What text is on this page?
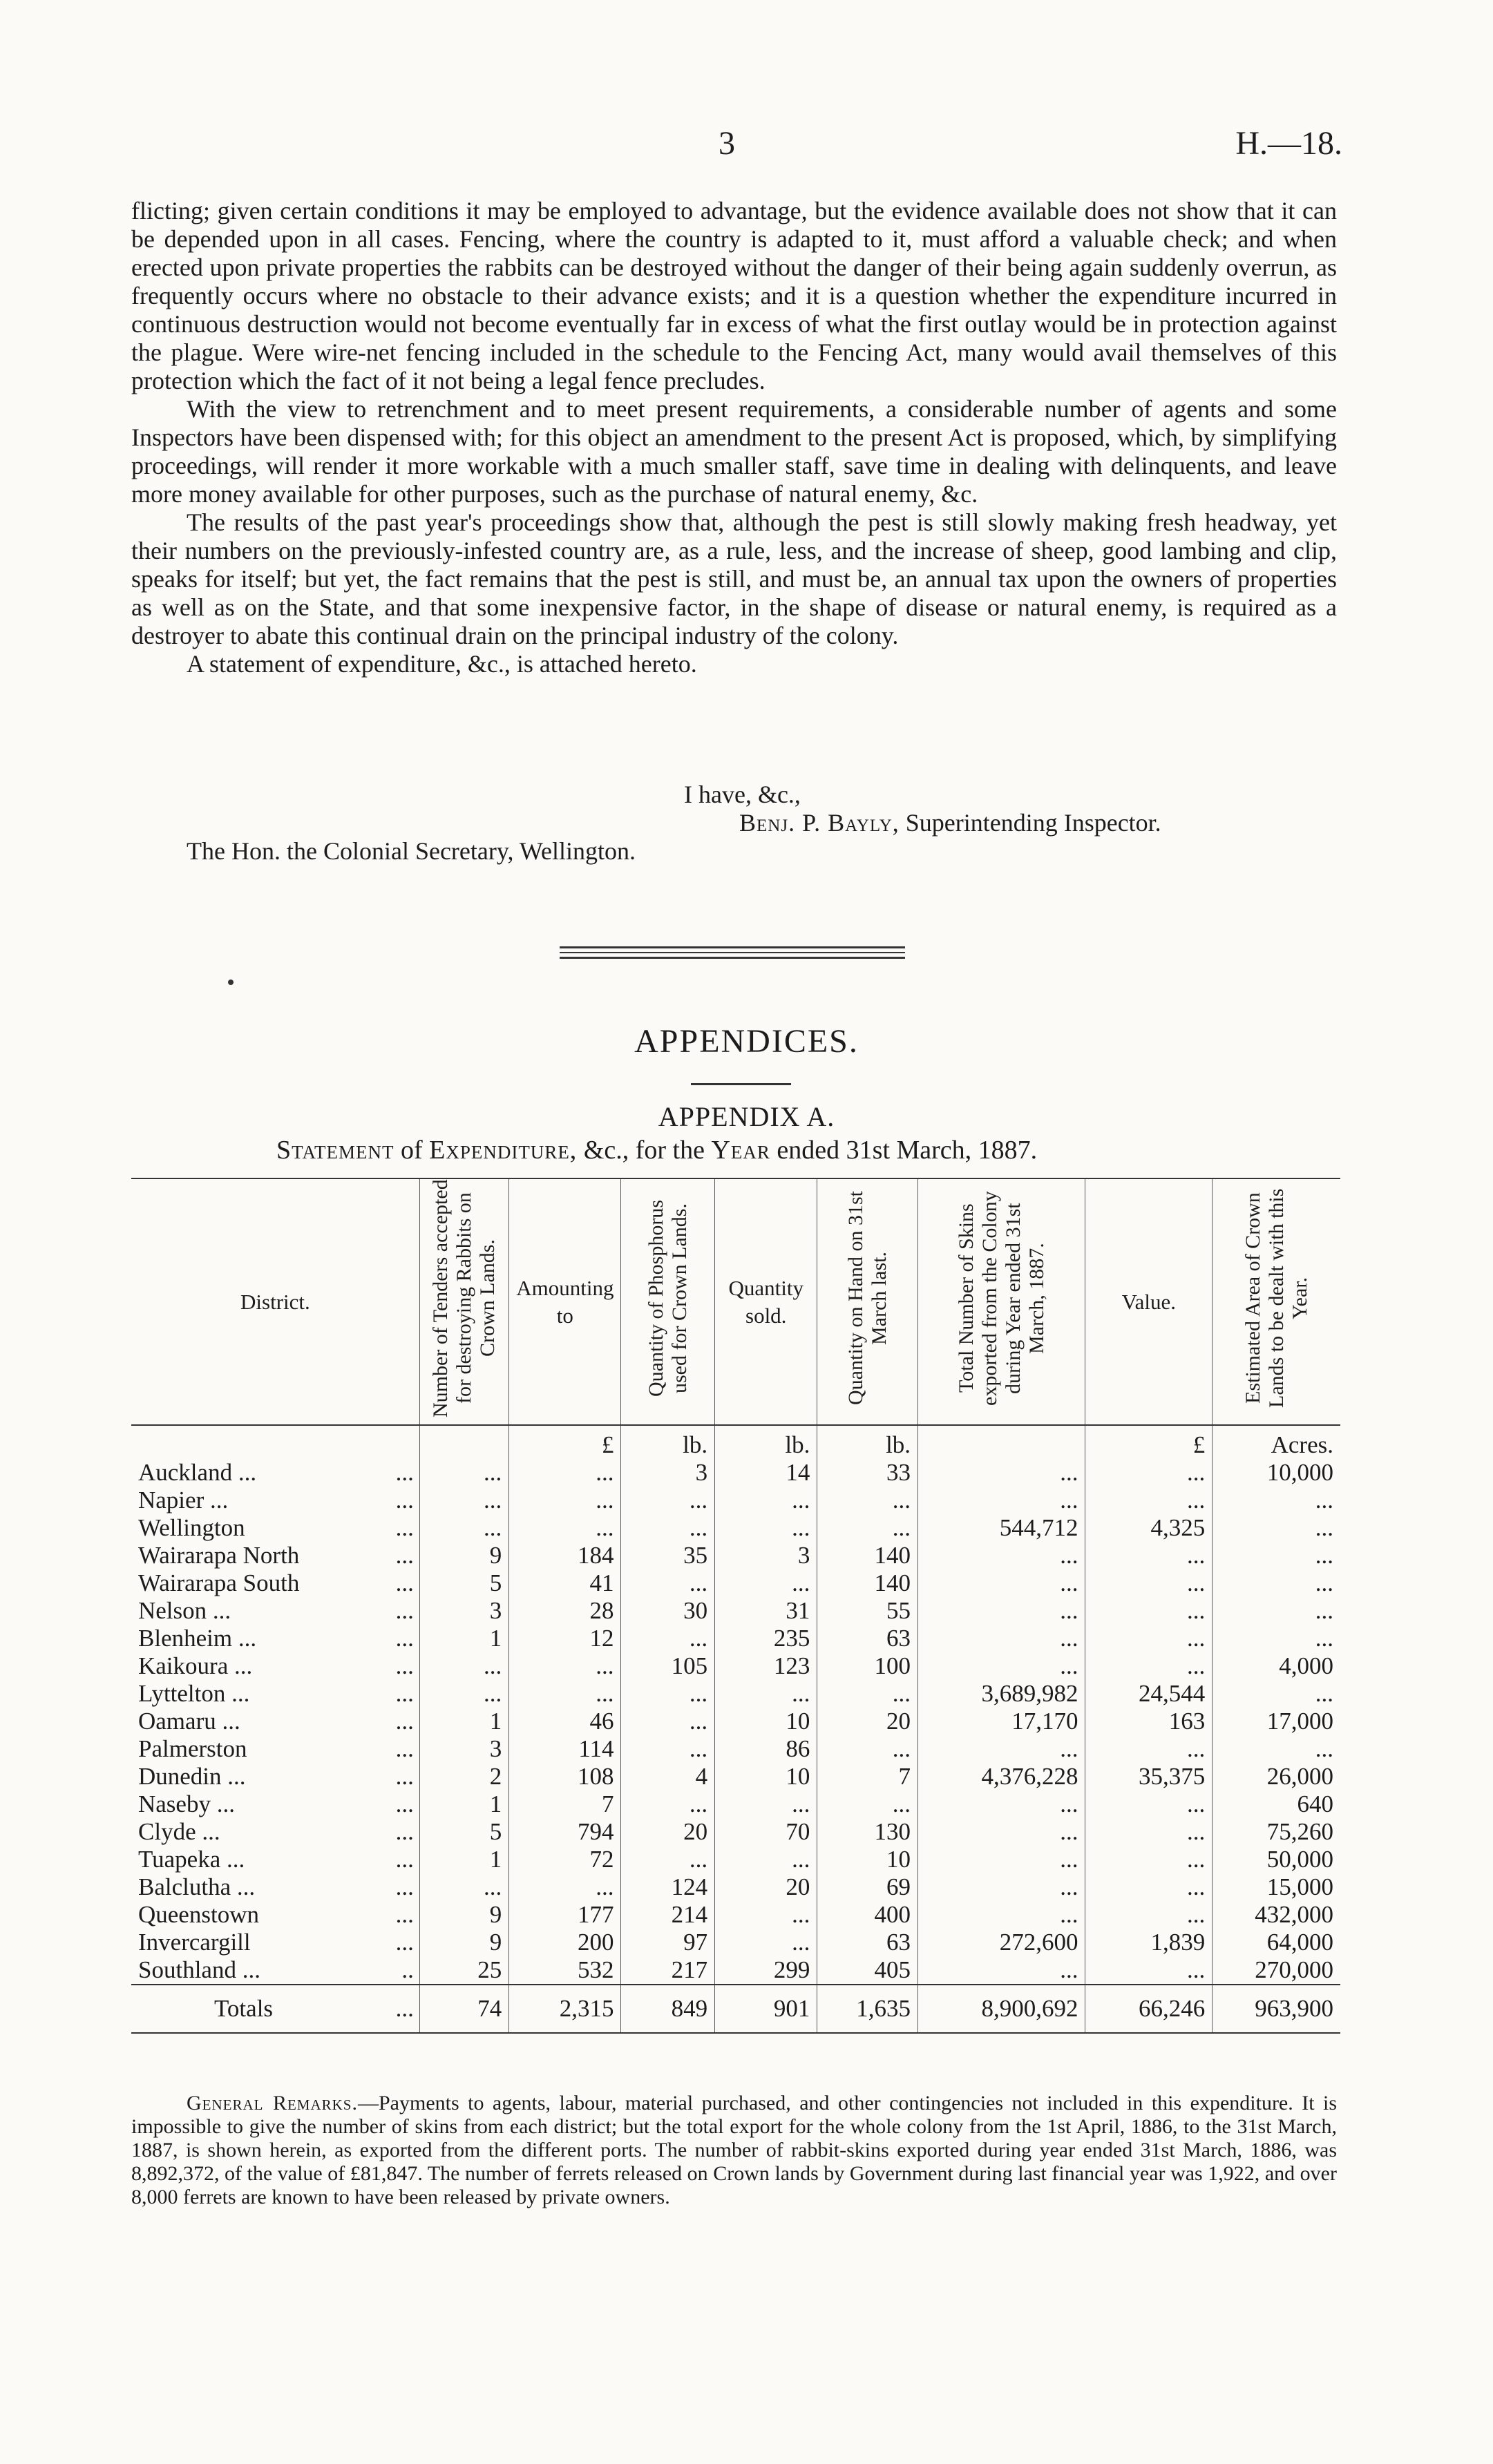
3	H.—18.

flicting; given certain conditions it may be employed to advantage, but the evidence available does not show that it can be depended upon in all cases. Fencing, where the country is adapted to it, must afford a valuable check; and when erected upon private properties the rabbits can be destroyed without the danger of their being again suddenly overrun, as frequently occurs where no obstacle to their advance exists; and it is a question whether the expenditure incurred in continuous destruction would not become eventually far in excess of what the first outlay would be in protection against the plague. Were wire-net fencing included in the schedule to the Fencing Act, many would avail themselves of this protection which the fact of it not being a legal fence precludes.

With the view to retrenchment and to meet present requirements, a considerable number of agents and some Inspectors have been dispensed with; for this object an amendment to the present Act is proposed, which, by simplifying proceedings, will render it more workable with a much smaller staff, save time in dealing with delinquents, and leave more money available for other purposes, such as the purchase of natural enemy, &c.

The results of the past year's proceedings show that, although the pest is still slowly making fresh headway, yet their numbers on the previously-infested country are, as a rule, less, and the increase of sheep, good lambing and clip, speaks for itself; but yet, the fact remains that the pest is still, and must be, an annual tax upon the owners of properties as well as on the State, and that some inexpensive factor, in the shape of disease or natural enemy, is required as a destroyer to abate this continual drain on the principal industry of the colony.

A statement of expenditure, &c., is attached hereto.

I have, &c.,
Benj. P. Bayly, Superintending Inspector.
The Hon. the Colonial Secretary, Wellington.
APPENDICES.
APPENDIX A.
Statement of Expenditure, &c., for the Year ended 31st March, 1887.
District.		Number of Tenders accepted for destroying Rabbits on Crown Lands.	Amounting to	Quantity of Phosphorus used for Crown Lands.	Quantity sold.	Quantity on Hand on 31st March last.	Total Number of Skins exported from the Colony during Year ended 31st March, 1887.	Value.	Estimated Area of Crown Lands to be dealt with this Year.
			£	lb.	lb.	lb.		£	Acres.
Auckland ...	...	...	...	3	14	33	...	...	10,000
Napier ...	...	...	...	...	...	...	...	...	...
Wellington	...	...	...	...	...	...	544,712	4,325	...
Wairarapa North	...	9	184	35	3	140	...	...	...
Wairarapa South	...	5	41	...	...	140	...	...	...
Nelson ...	...	3	28	30	31	55	...	...	...
Blenheim ...	...	1	12	...	235	63	...	...	...
Kaikoura ...	...	...	...	105	123	100	...	...	4,000
Lyttelton ...	...	...	...	...	...	...	3,689,982	24,544	...
Oamaru ...	...	1	46	...	10	20	17,170	163	17,000
Palmerston	...	3	114	...	86	...	...	...	...
Dunedin ...	...	2	108	4	10	7	4,376,228	35,375	26,000
Naseby ...	...	1	7	...	...	...	...	...	640
Clyde ...	...	5	794	20	70	130	...	...	75,260
Tuapeka ...	...	1	72	...	...	10	...	...	50,000
Balclutha ...	...	...	...	124	20	69	...	...	15,000
Queenstown	...	9	177	214	...	400	...	...	432,000
Invercargill	...	9	200	97	...	63	272,600	1,839	64,000
Southland ...	..	25	532	217	299	405	...	...	270,000
Totals	...	74	2,315	849	901	1,635	8,900,692	66,246	963,900

General Remarks.—Payments to agents, labour, material purchased, and other contingencies not included in this expenditure. It is impossible to give the number of skins from each district; but the total export for the whole colony from the 1st April, 1886, to the 31st March, 1887, is shown herein, as exported from the different ports. The number of rabbit-skins exported during year ended 31st March, 1886, was 8,892,372, of the value of £81,847. The number of ferrets released on Crown lands by Government during last financial year was 1,922, and over 8,000 ferrets are known to have been released by private owners.
